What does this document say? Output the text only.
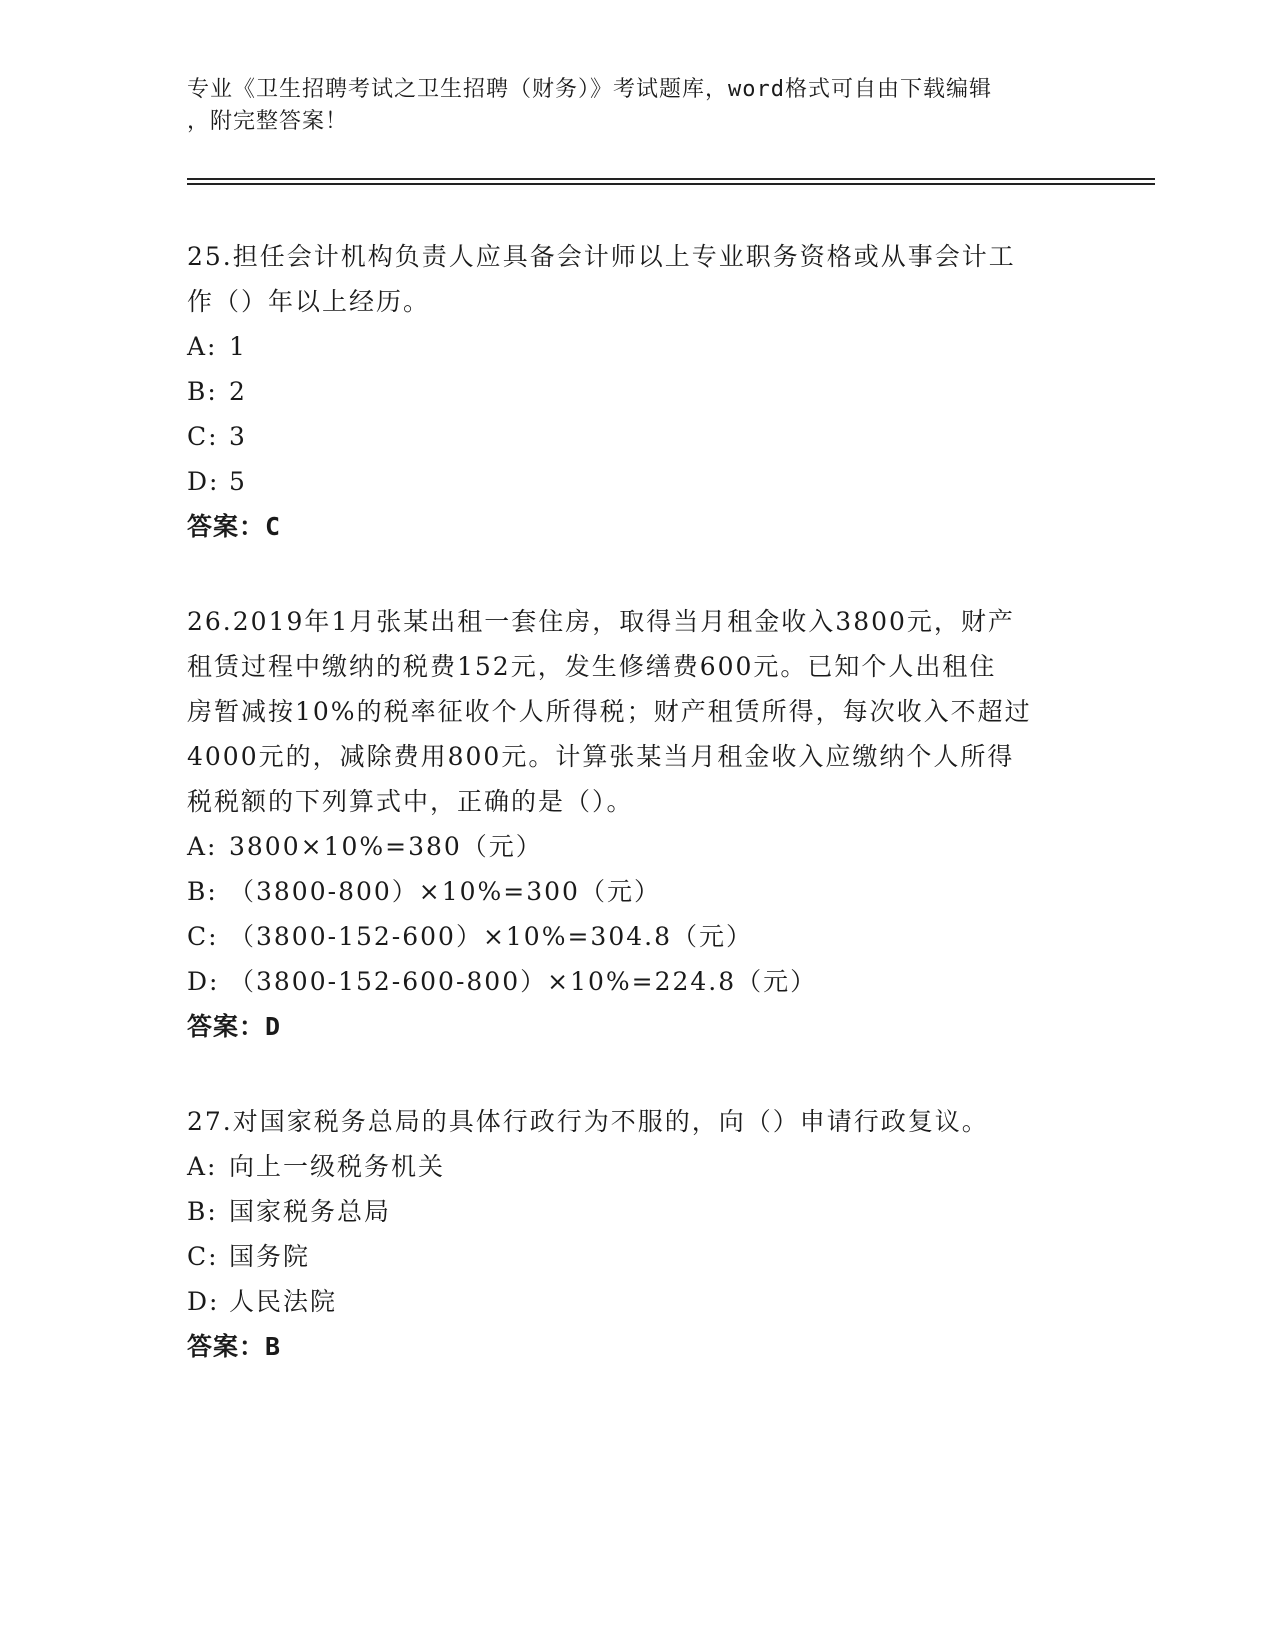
专业《卫生招聘考试之卫生招聘（财务）》考试题库，word格式可自由下载编辑
，附完整答案！
25.担任会计机构负责人应具备会计师以上专业职务资格或从事会计工
作（）年以上经历。
A: 1
B: 2
C: 3
D: 5
答案：C
26.2019年1月张某出租一套住房，取得当月租金收入3800元，财产
租赁过程中缴纳的税费152元，发生修缮费600元。已知个人出租住
房暂减按10%的税率征收个人所得税；财产租赁所得，每次收入不超过
4000元的，减除费用800元。计算张某当月租金收入应缴纳个人所得
税税额的下列算式中，正确的是（）。
A: 3800×10%=380（元）
B: （3800-800）×10%=300（元）
C: （3800-152-600）×10%=304.8（元）
D: （3800-152-600-800）×10%=224.8（元）
答案：D
27.对国家税务总局的具体行政行为不服的，向（）申请行政复议。
A: 向上一级税务机关
B: 国家税务总局
C: 国务院
D: 人民法院
答案：B
